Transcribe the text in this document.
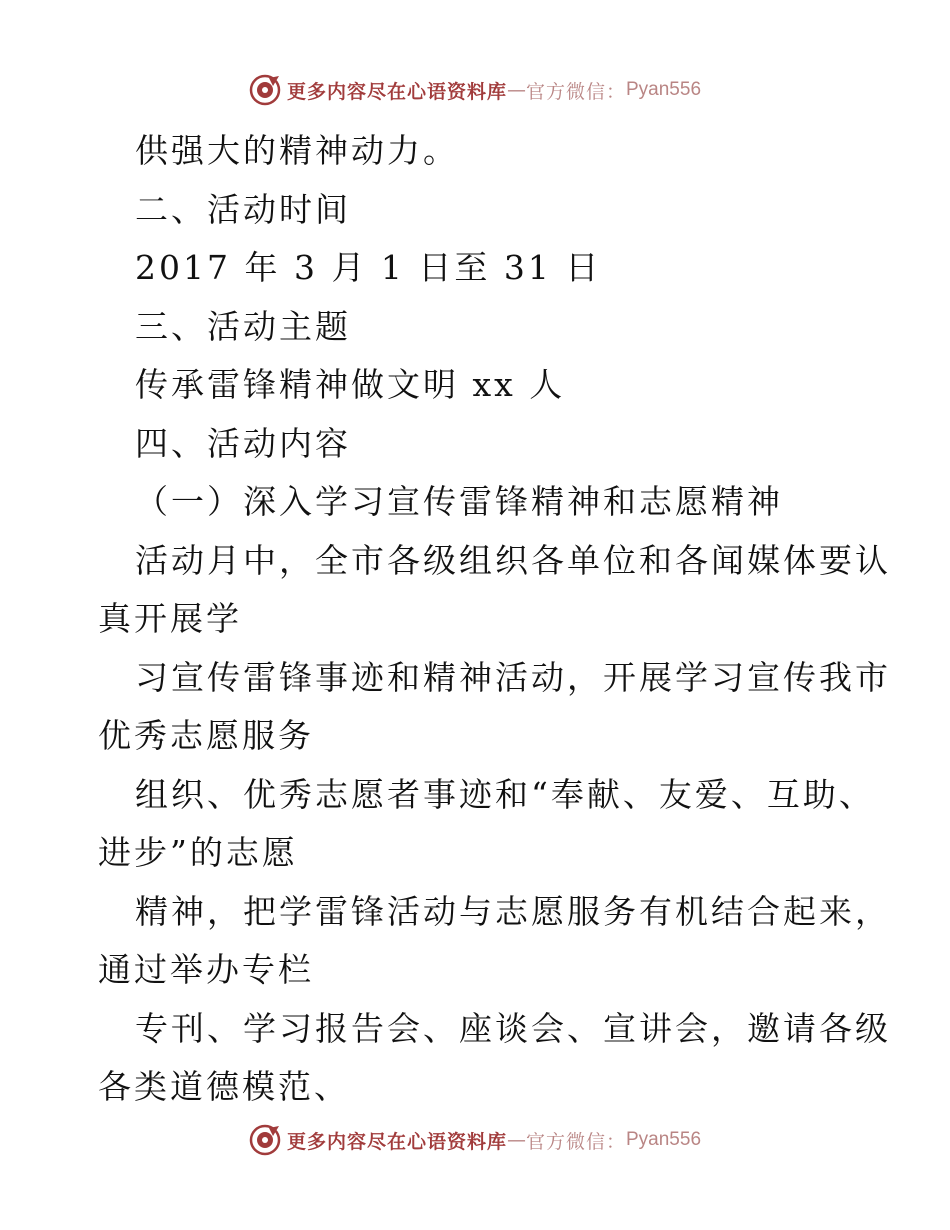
更多内容尽在心语资料库 — 官方微信： Pyan556
供强大的精神动力。
二、活动时间
2017 年 3 月 1 日至 31 日
三、活动主题
传承雷锋精神做文明 xx 人
四、活动内容
（一）深入学习宣传雷锋精神和志愿精神
活动月中，全市各级组织各单位和各闻媒体要认
真开展学
习宣传雷锋事迹和精神活动，开展学习宣传我市
优秀志愿服务
组织、优秀志愿者事迹和“奉献、友爱、互助、
进步”的志愿
精神，把学雷锋活动与志愿服务有机结合起来，
通过举办专栏
专刊、学习报告会、座谈会、宣讲会，邀请各级
各类道德模范、
更多内容尽在心语资料库 — 官方微信： Pyan556
